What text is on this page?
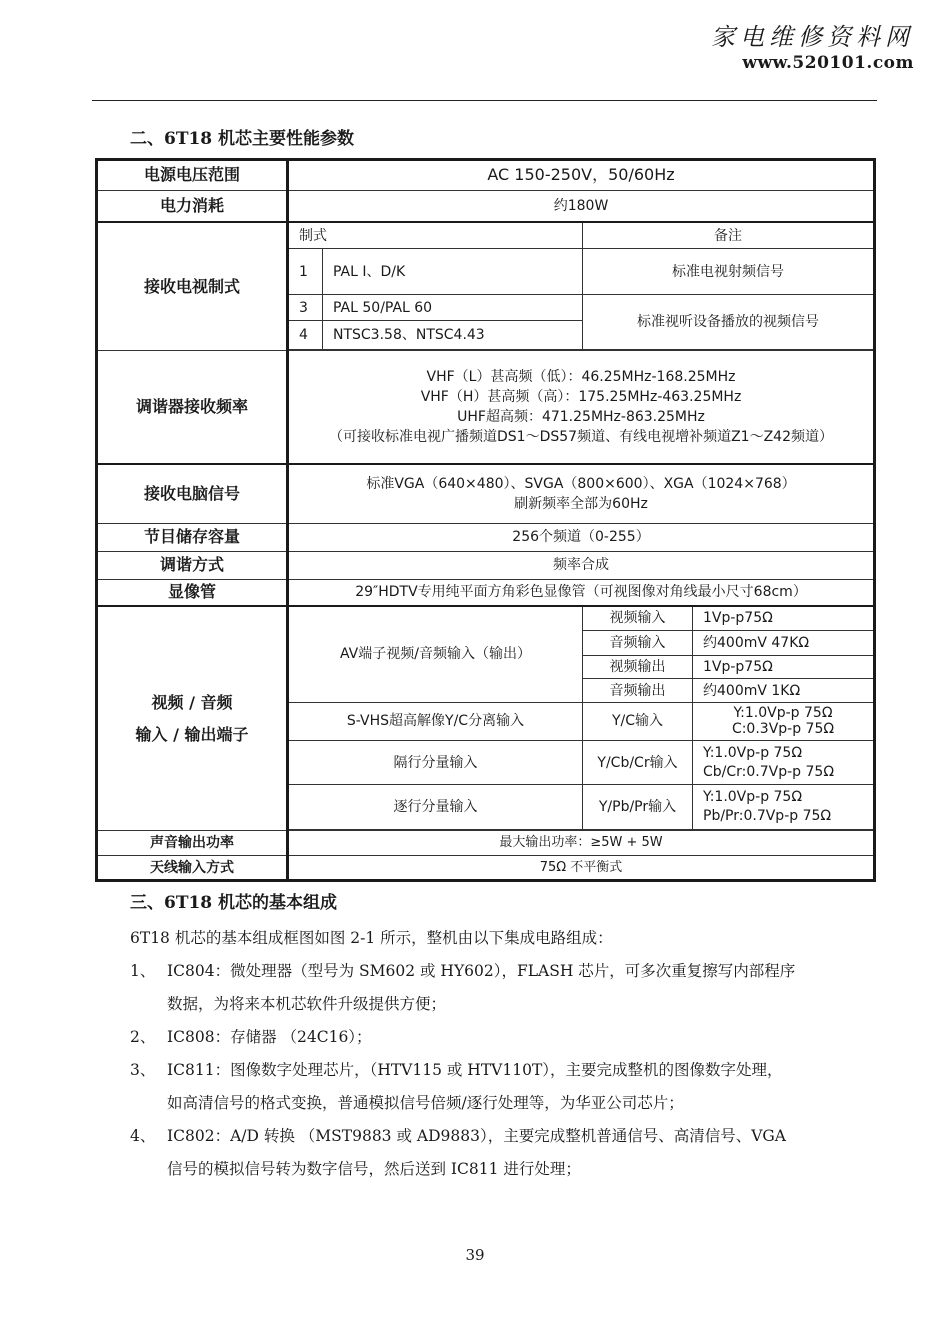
家电维修资料网
www.520101.com
二、6T18 机芯主要性能参数
电源电压范围	AC 150-250V，50/60Hz			
电力消耗	约180W			
接收电视制式	制式		备注	
	1	PAL I、D/K	标准电视射频信号	
	3	PAL 50/PAL 60	标准视听设备播放的视频信号	
	4	NTSC3.58、NTSC4.43		

调谐器接收频率	VHF（L）甚高频（低）：46.25MHz-168.25MHz
VHF（H）甚高频（高）：175.25MHz-463.25MHz
UHF超高频：471.25MHz-863.25MHz
（可接收标准电视广播频道DS1～DS57频道、有线电视增补频道Z1～Z42频道）			

接收电脑信号	标准VGA（640×480）、SVGA（800×600）、XGA（1024×768）
刷新频率全部为60Hz			

节目储存容量	256个频道（0-255）			
调谐方式	频率合成			
显像管	29″HDTV专用纯平面方角彩色显像管（可视图像对角线最小尺寸68cm）			

视频 / 音频
输入 / 输出端子	AV端子视频/音频输入（输出）		视频输入	1Vp-p75Ω
			音频输入	约400mV 47KΩ
			视频输出	1Vp-p75Ω
			音频输出	约400mV 1KΩ
	S-VHS超高解像Y/C分离输入		Y/C输入	Y:1.0Vp-p 75Ω
C:0.3Vp-p 75Ω
	隔行分量输入		Y/Cb/Cr输入	Y:1.0Vp-p 75Ω
Cb/Cr:0.7Vp-p 75Ω
	逐行分量输入		Y/Pb/Pr输入	Y:1.0Vp-p 75Ω
Pb/Pr:0.7Vp-p 75Ω

声音输出功率	最大输出功率：≥5W + 5W			
天线输入方式	75Ω 不平衡式			
三、6T18 机芯的基本组成
6T18 机芯的基本组成框图如图 2-1 所示，整机由以下集成电路组成：
1、 IC804：微处理器（型号为 SM602 或 HY602），FLASH 芯片，可多次重复擦写内部程序
数据，为将来本机芯软件升级提供方便；
2、 IC808：存储器 （24C16）；
3、 IC811：图像数字处理芯片，（HTV115 或 HTV110T），主要完成整机的图像数字处理，
如高清信号的格式变换，普通模拟信号倍频/逐行处理等，为华亚公司芯片；
4、 IC802：A/D 转换 （MST9883 或 AD9883），主要完成整机普通信号、高清信号、VGA
信号的模拟信号转为数字信号，然后送到 IC811 进行处理；
39
